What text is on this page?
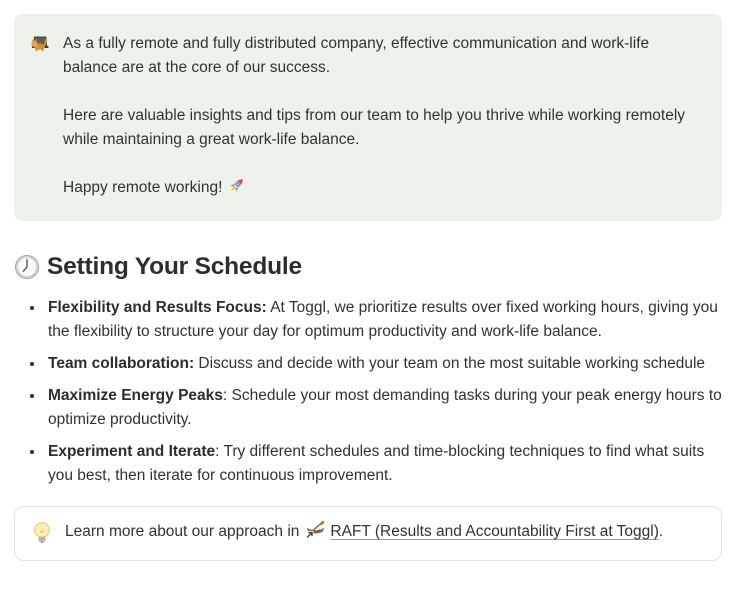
As a fully remote and fully distributed company, effective communication and work-life balance are at the core of our success.

Here are valuable insights and tips from our team to help you thrive while working remotely while maintaining a great work-life balance.

Happy remote working!

Setting Your Schedule
• Flexibility and Results Focus: At Toggl, we prioritize results over fixed working hours, giving you the flexibility to structure your day for optimum productivity and work-life balance.
• Team collaboration: Discuss and decide with your team on the most suitable working schedule
• Maximize Energy Peaks: Schedule your most demanding tasks during your peak energy hours to optimize productivity.
• Experiment and Iterate: Try different schedules and time-blocking techniques to find what suits you best, then iterate for continuous improvement.
Learn more about our approach in RAFT (Results and Accountability First at Toggl).
